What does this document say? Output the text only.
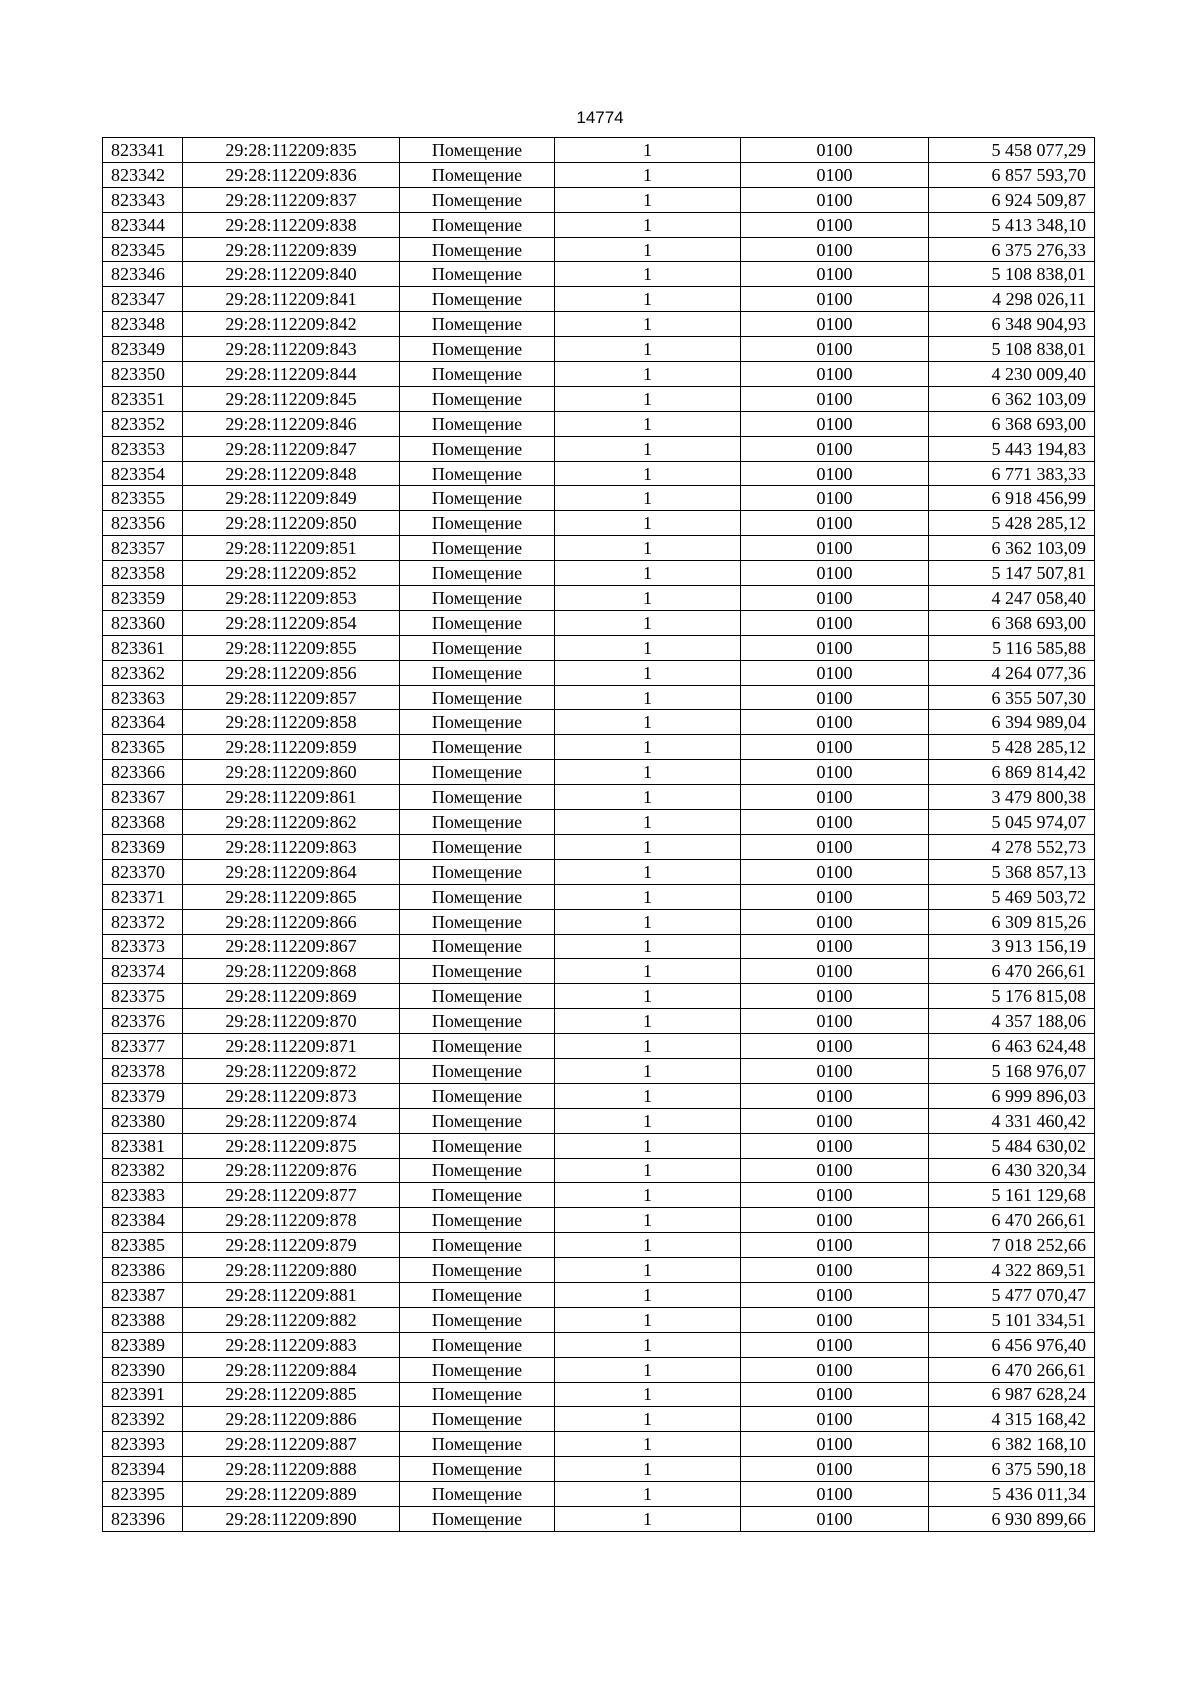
14774
823341	29:28:112209:835	Помещение	1	0100	5 458 077,29
823342	29:28:112209:836	Помещение	1	0100	6 857 593,70
823343	29:28:112209:837	Помещение	1	0100	6 924 509,87
823344	29:28:112209:838	Помещение	1	0100	5 413 348,10
823345	29:28:112209:839	Помещение	1	0100	6 375 276,33
823346	29:28:112209:840	Помещение	1	0100	5 108 838,01
823347	29:28:112209:841	Помещение	1	0100	4 298 026,11
823348	29:28:112209:842	Помещение	1	0100	6 348 904,93
823349	29:28:112209:843	Помещение	1	0100	5 108 838,01
823350	29:28:112209:844	Помещение	1	0100	4 230 009,40
823351	29:28:112209:845	Помещение	1	0100	6 362 103,09
823352	29:28:112209:846	Помещение	1	0100	6 368 693,00
823353	29:28:112209:847	Помещение	1	0100	5 443 194,83
823354	29:28:112209:848	Помещение	1	0100	6 771 383,33
823355	29:28:112209:849	Помещение	1	0100	6 918 456,99
823356	29:28:112209:850	Помещение	1	0100	5 428 285,12
823357	29:28:112209:851	Помещение	1	0100	6 362 103,09
823358	29:28:112209:852	Помещение	1	0100	5 147 507,81
823359	29:28:112209:853	Помещение	1	0100	4 247 058,40
823360	29:28:112209:854	Помещение	1	0100	6 368 693,00
823361	29:28:112209:855	Помещение	1	0100	5 116 585,88
823362	29:28:112209:856	Помещение	1	0100	4 264 077,36
823363	29:28:112209:857	Помещение	1	0100	6 355 507,30
823364	29:28:112209:858	Помещение	1	0100	6 394 989,04
823365	29:28:112209:859	Помещение	1	0100	5 428 285,12
823366	29:28:112209:860	Помещение	1	0100	6 869 814,42
823367	29:28:112209:861	Помещение	1	0100	3 479 800,38
823368	29:28:112209:862	Помещение	1	0100	5 045 974,07
823369	29:28:112209:863	Помещение	1	0100	4 278 552,73
823370	29:28:112209:864	Помещение	1	0100	5 368 857,13
823371	29:28:112209:865	Помещение	1	0100	5 469 503,72
823372	29:28:112209:866	Помещение	1	0100	6 309 815,26
823373	29:28:112209:867	Помещение	1	0100	3 913 156,19
823374	29:28:112209:868	Помещение	1	0100	6 470 266,61
823375	29:28:112209:869	Помещение	1	0100	5 176 815,08
823376	29:28:112209:870	Помещение	1	0100	4 357 188,06
823377	29:28:112209:871	Помещение	1	0100	6 463 624,48
823378	29:28:112209:872	Помещение	1	0100	5 168 976,07
823379	29:28:112209:873	Помещение	1	0100	6 999 896,03
823380	29:28:112209:874	Помещение	1	0100	4 331 460,42
823381	29:28:112209:875	Помещение	1	0100	5 484 630,02
823382	29:28:112209:876	Помещение	1	0100	6 430 320,34
823383	29:28:112209:877	Помещение	1	0100	5 161 129,68
823384	29:28:112209:878	Помещение	1	0100	6 470 266,61
823385	29:28:112209:879	Помещение	1	0100	7 018 252,66
823386	29:28:112209:880	Помещение	1	0100	4 322 869,51
823387	29:28:112209:881	Помещение	1	0100	5 477 070,47
823388	29:28:112209:882	Помещение	1	0100	5 101 334,51
823389	29:28:112209:883	Помещение	1	0100	6 456 976,40
823390	29:28:112209:884	Помещение	1	0100	6 470 266,61
823391	29:28:112209:885	Помещение	1	0100	6 987 628,24
823392	29:28:112209:886	Помещение	1	0100	4 315 168,42
823393	29:28:112209:887	Помещение	1	0100	6 382 168,10
823394	29:28:112209:888	Помещение	1	0100	6 375 590,18
823395	29:28:112209:889	Помещение	1	0100	5 436 011,34
823396	29:28:112209:890	Помещение	1	0100	6 930 899,66
